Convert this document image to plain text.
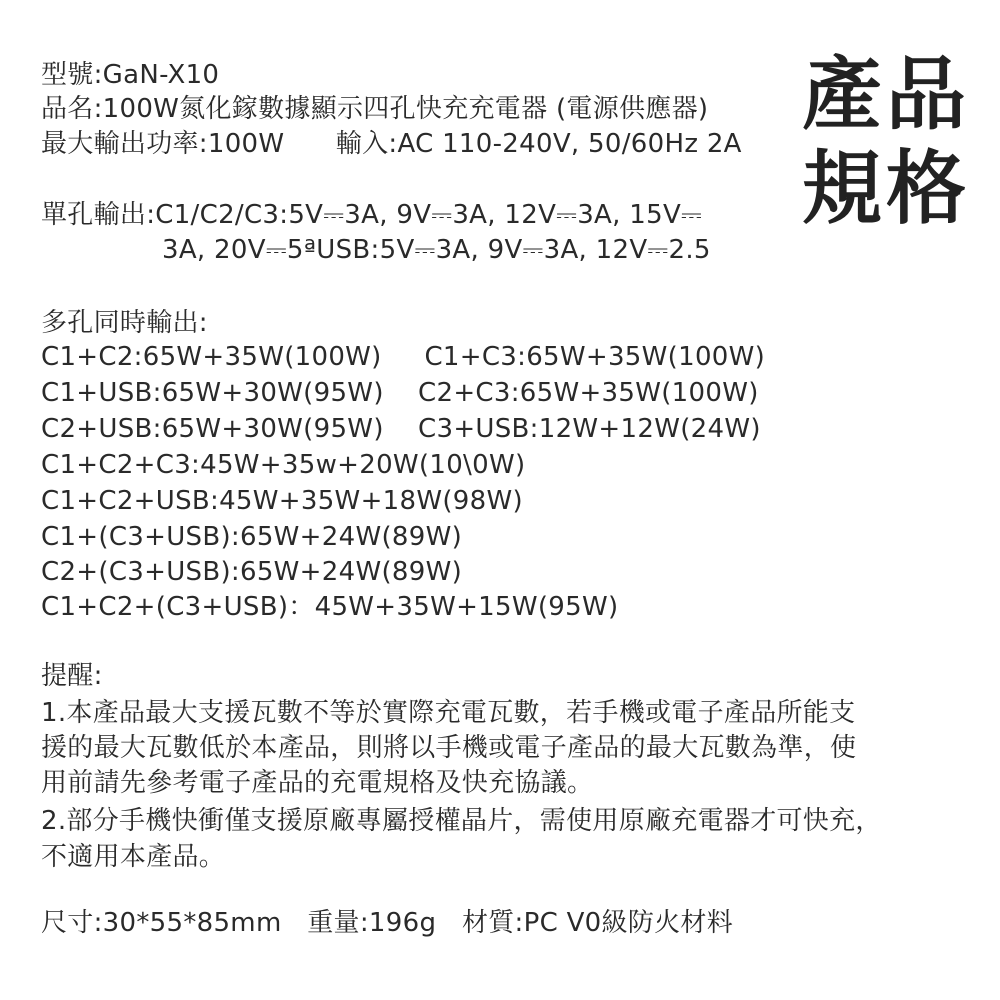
產品
規格
型號:GaN-X10
品名:100W氮化鎵數據顯示四孔快充充電器 (電源供應器)
最大輸出功率:100W      輸入:AC 110-240V, 50/60Hz 2A
單孔輸出:C1/C2/C3:5V⎓3A, 9V⎓3A, 12V⎓3A, 15V⎓
3A, 20V⎓5ªUSB:5V⎓3A, 9V⎓3A, 12V⎓2.5
多孔同時輸出:
C1+C2:65W+35W(100W)     C1+C3:65W+35W(100W)
C1+USB:65W+30W(95W)    C2+C3:65W+35W(100W)
C2+USB:65W+30W(95W)    C3+USB:12W+12W(24W)
C1+C2+C3:45W+35w+20W(10\0W)
C1+C2+USB:45W+35W+18W(98W)
C1+(C3+USB):65W+24W(89W)
C2+(C3+USB):65W+24W(89W)
C1+C2+(C3+USB)：45W+35W+15W(95W)
提醒:
1.本產品最大支援瓦數不等於實際充電瓦數，若手機或電子產品所能支
援的最大瓦數低於本產品，則將以手機或電子產品的最大瓦數為準，使
用前請先參考電子產品的充電規格及快充協議。
2.部分手機快衝僅支援原廠專屬授權晶片，需使用原廠充電器才可快充，
不適用本產品。
尺寸:30*55*85mm   重量:196g   材質:PC V0級防火材料
